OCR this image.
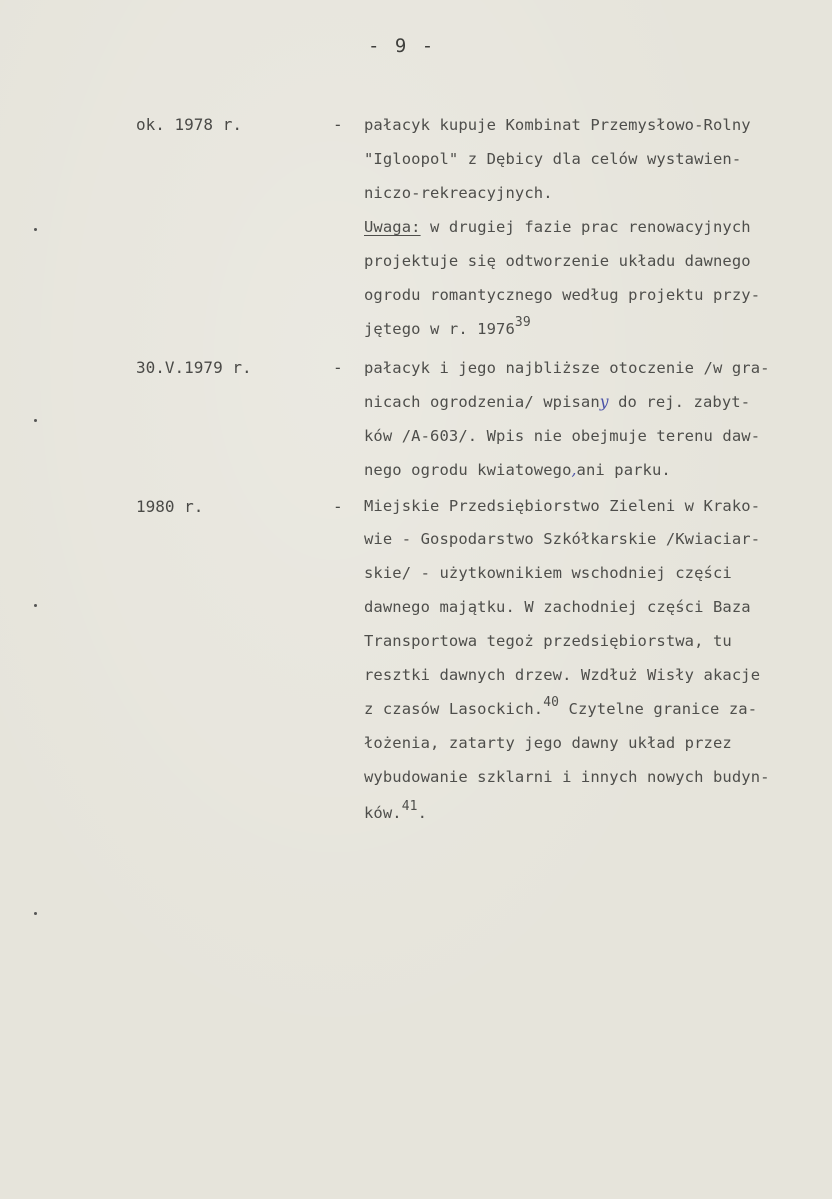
- 9 -
ok. 1978 r.	- pałacyk kupuje Kombinat Przemysłowo-Rolny
"Igloopol" z Dębicy dla celów wystawien-
niczo-rekreacyjnych.
Uwaga: w drugiej fazie prac renowacyjnych
projektuje się odtworzenie układu dawnego
ogrodu romantycznego według projektu przy-
jętego w r. 1976$^{39}$
30.V.1979 r.	- pałacyk i jego najbliższe otoczenie /w gra-
nicach ogrodzenia/ wpisany do rej. zabyt-
ków /A-603/. Wpis nie obejmuje terenu daw-
nego ogrodu kwiatowego,ani parku.
1980 r.	- Miejskie Przedsiębiorstwo Zieleni w Krako-
wie - Gospodarstwo Szkółkarskie /Kwiaciar-
skie/ - użytkownikiem wschodniej części
dawnego majątku. W zachodniej części Baza
Transportowa tegoż przedsiębiorstwa, tu
resztki dawnych drzew. Wzdłuż Wisły akacje
z czasów Lasockich.$^{40}$ Czytelne granice za-
łożenia, zatarty jego dawny układ przez
wybudowanie szklarni i innych nowych budyn-
ków.$^{41}$.
